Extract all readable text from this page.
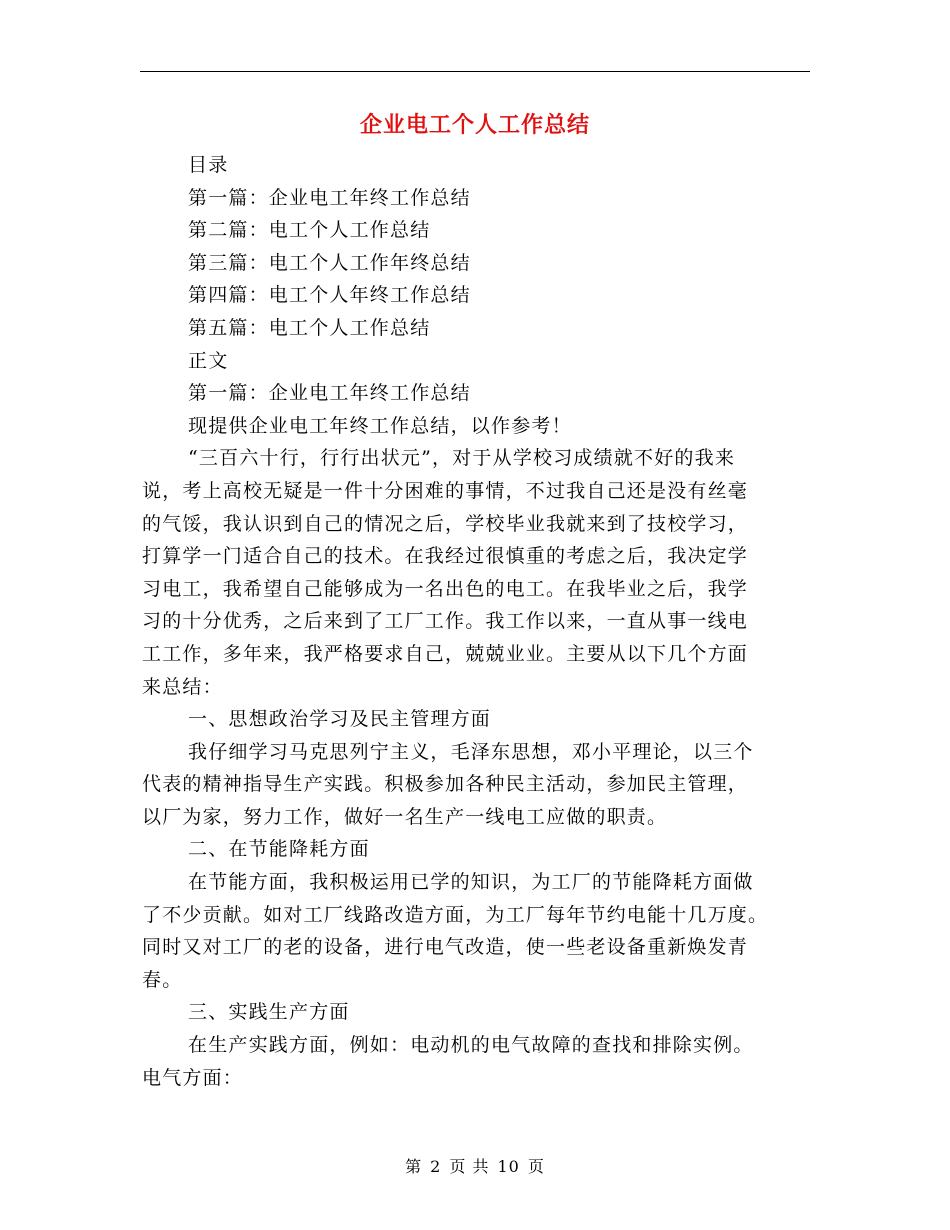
企业电工个人工作总结
目录
第一篇：企业电工年终工作总结
第二篇：电工个人工作总结
第三篇：电工个人工作年终总结
第四篇：电工个人年终工作总结
第五篇：电工个人工作总结
正文
第一篇：企业电工年终工作总结
现提供企业电工年终工作总结，以作参考！
“三百六十行，行行出状元”，对于从学校习成绩就不好的我来
说，考上高校无疑是一件十分困难的事情，不过我自己还是没有丝毫
的气馁，我认识到自己的情况之后，学校毕业我就来到了技校学习，
打算学一门适合自己的技术。在我经过很慎重的考虑之后，我决定学
习电工，我希望自己能够成为一名出色的电工。在我毕业之后，我学
习的十分优秀，之后来到了工厂工作。我工作以来，一直从事一线电
工工作，多年来，我严格要求自己，兢兢业业。主要从以下几个方面
来总结：
一、思想政治学习及民主管理方面
我仔细学习马克思列宁主义，毛泽东思想，邓小平理论，以三个
代表的精神指导生产实践。积极参加各种民主活动，参加民主管理，
以厂为家，努力工作，做好一名生产一线电工应做的职责。
二、在节能降耗方面
在节能方面，我积极运用已学的知识，为工厂的节能降耗方面做
了不少贡献。如对工厂线路改造方面，为工厂每年节约电能十几万度。
同时又对工厂的老的设备，进行电气改造，使一些老设备重新焕发青
春。
三、实践生产方面
在生产实践方面，例如：电动机的电气故障的查找和排除实例。
电气方面：
第 2 页 共 10 页
